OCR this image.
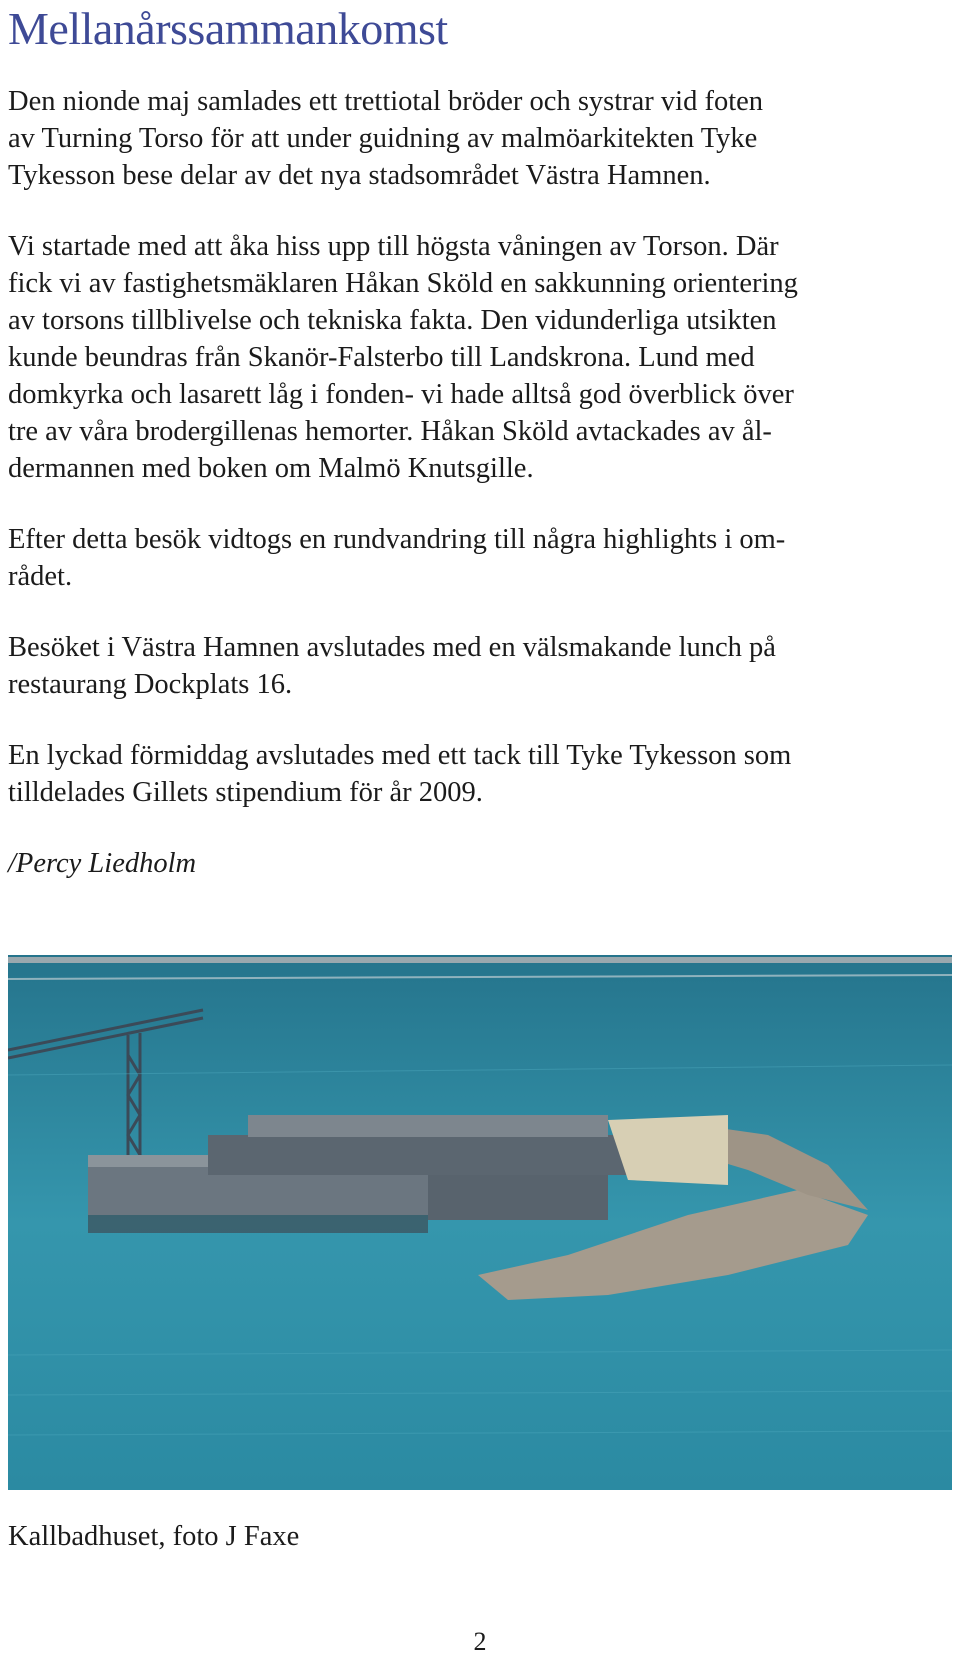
Mellanårssammankomst

Den nionde maj samlades ett trettiotal bröder och systrar vid foten
av Turning Torso för att under guidning av malmöarkitekten Tyke
Tykesson bese delar av det nya stadsområdet Västra Hamnen.

Vi startade med att åka hiss upp till högsta våningen av Torson. Där
fick vi av fastighetsmäklaren Håkan Sköld en sakkunning orientering
av torsons tillblivelse och tekniska fakta. Den vidunderliga utsikten
kunde beundras från Skanör-Falsterbo till Landskrona. Lund med
domkyrka och lasarett låg i fonden- vi hade alltså god överblick över
tre av våra brodergillenas hemorter. Håkan Sköld avtackades av ål-
dermannen med boken om Malmö Knutsgille.

Efter detta besök vidtogs en rundvandring till några highlights i om-
rådet.

Besöket i Västra Hamnen avslutades med en välsmakande lunch på
restaurang Dockplats 16.

En lyckad förmiddag avslutades med ett tack till Tyke Tykesson som
tilldelades Gillets stipendium för år 2009.

/Percy Liedholm

Kallbadhuset, foto J Faxe

2
